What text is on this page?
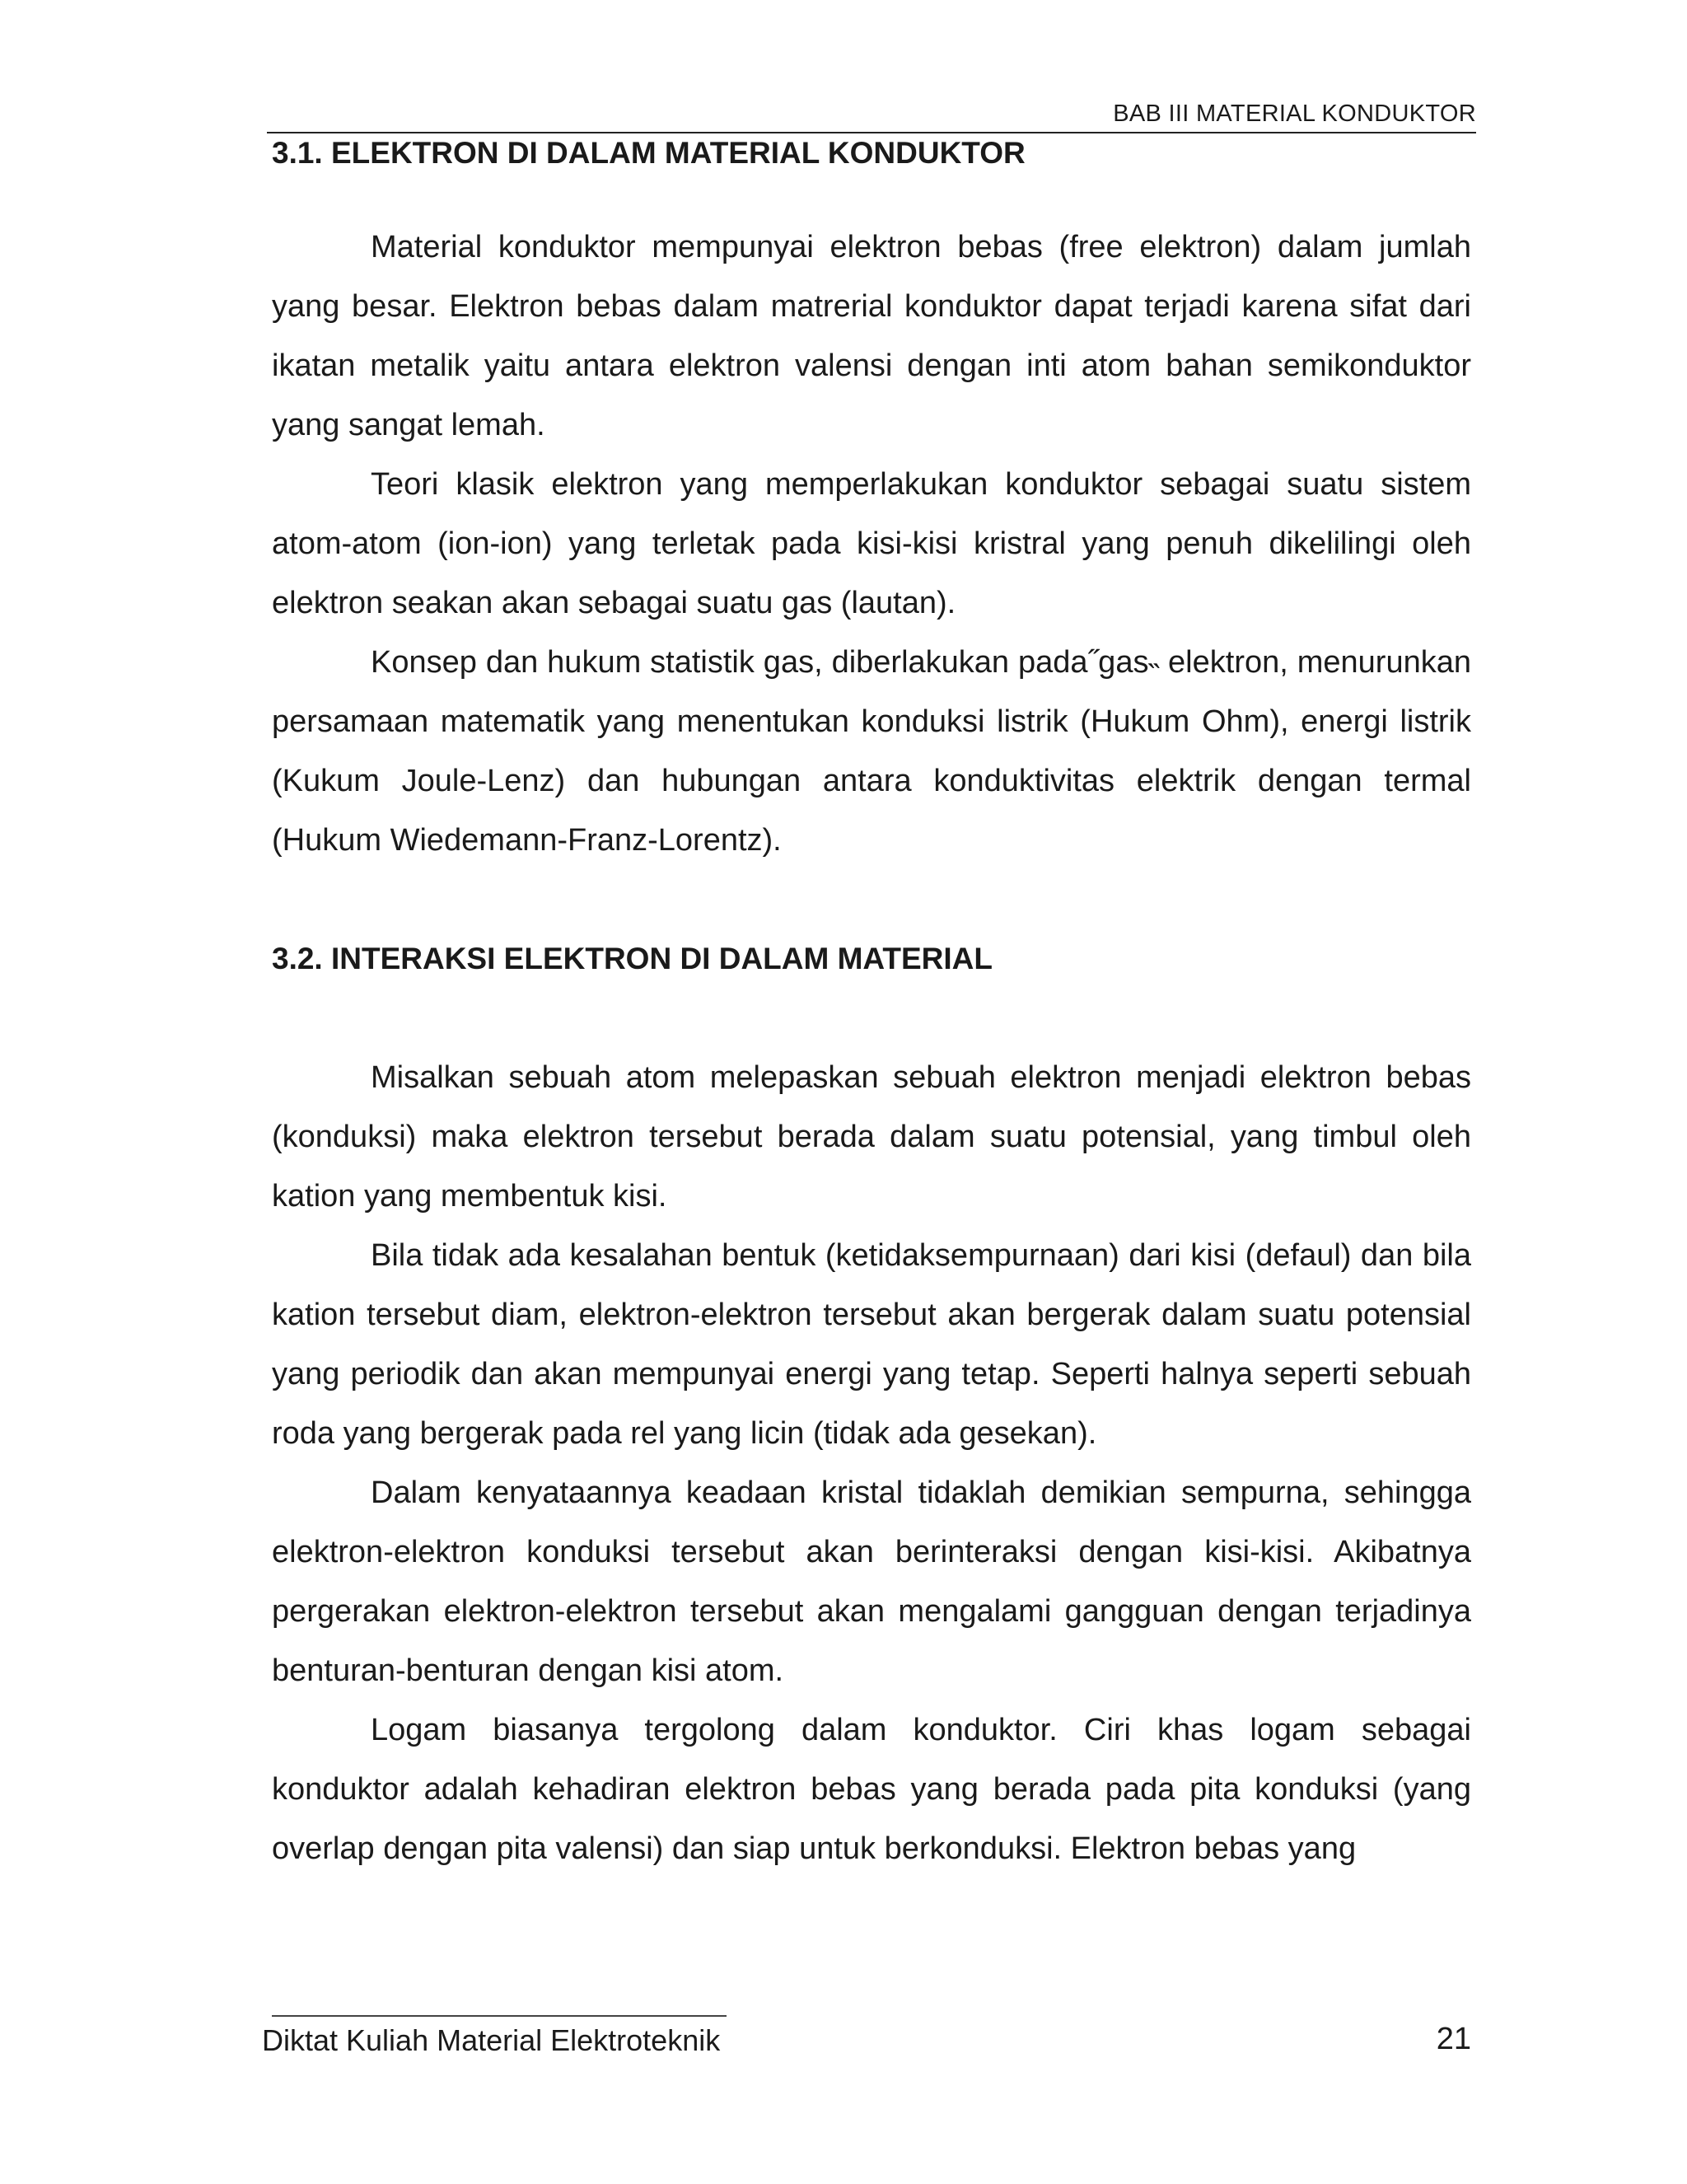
BAB III MATERIAL KONDUKTOR
3.1. ELEKTRON DI DALAM MATERIAL KONDUKTOR

Material konduktor mempunyai elektron bebas (free elektron) dalam jumlah yang besar. Elektron bebas dalam matrerial konduktor dapat terjadi karena sifat dari ikatan metalik yaitu antara elektron valensi dengan inti atom bahan semikonduktor yang sangat lemah.

Teori klasik elektron yang memperlakukan konduktor sebagai suatu sistem atom-atom (ion-ion) yang terletak pada kisi-kisi kristral yang penuh dikelilingi oleh elektron seakan akan sebagai suatu gas (lautan).

Konsep dan hukum statistik gas, diberlakukan pada˝gas˵ elektron, menurunkan persamaan matematik yang menentukan konduksi listrik (Hukum Ohm), energi listrik (Kukum Joule-Lenz) dan hubungan antara konduktivitas elektrik dengan termal (Hukum Wiedemann-Franz-Lorentz).

3.2. INTERAKSI ELEKTRON DI DALAM MATERIAL

Misalkan sebuah atom melepaskan sebuah elektron menjadi elektron bebas (konduksi) maka elektron tersebut berada dalam suatu potensial, yang timbul oleh kation yang membentuk kisi.

Bila tidak ada kesalahan bentuk (ketidaksempurnaan) dari kisi (defaul) dan bila kation tersebut diam, elektron-elektron tersebut akan bergerak dalam suatu potensial yang periodik dan akan mempunyai energi yang tetap. Seperti halnya seperti sebuah roda yang bergerak pada rel yang licin (tidak ada gesekan).

Dalam kenyataannya keadaan kristal tidaklah demikian sempurna, sehingga elektron-elektron konduksi tersebut akan berinteraksi dengan kisi-kisi. Akibatnya pergerakan elektron-elektron tersebut akan mengalami gangguan dengan terjadinya benturan-benturan dengan kisi atom.

Logam biasanya tergolong dalam konduktor. Ciri khas logam sebagai konduktor adalah kehadiran elektron bebas yang berada pada pita konduksi (yang overlap dengan pita valensi) dan siap untuk berkonduksi. Elektron bebas yang

Diktat Kuliah Material Elektroteknik	21
